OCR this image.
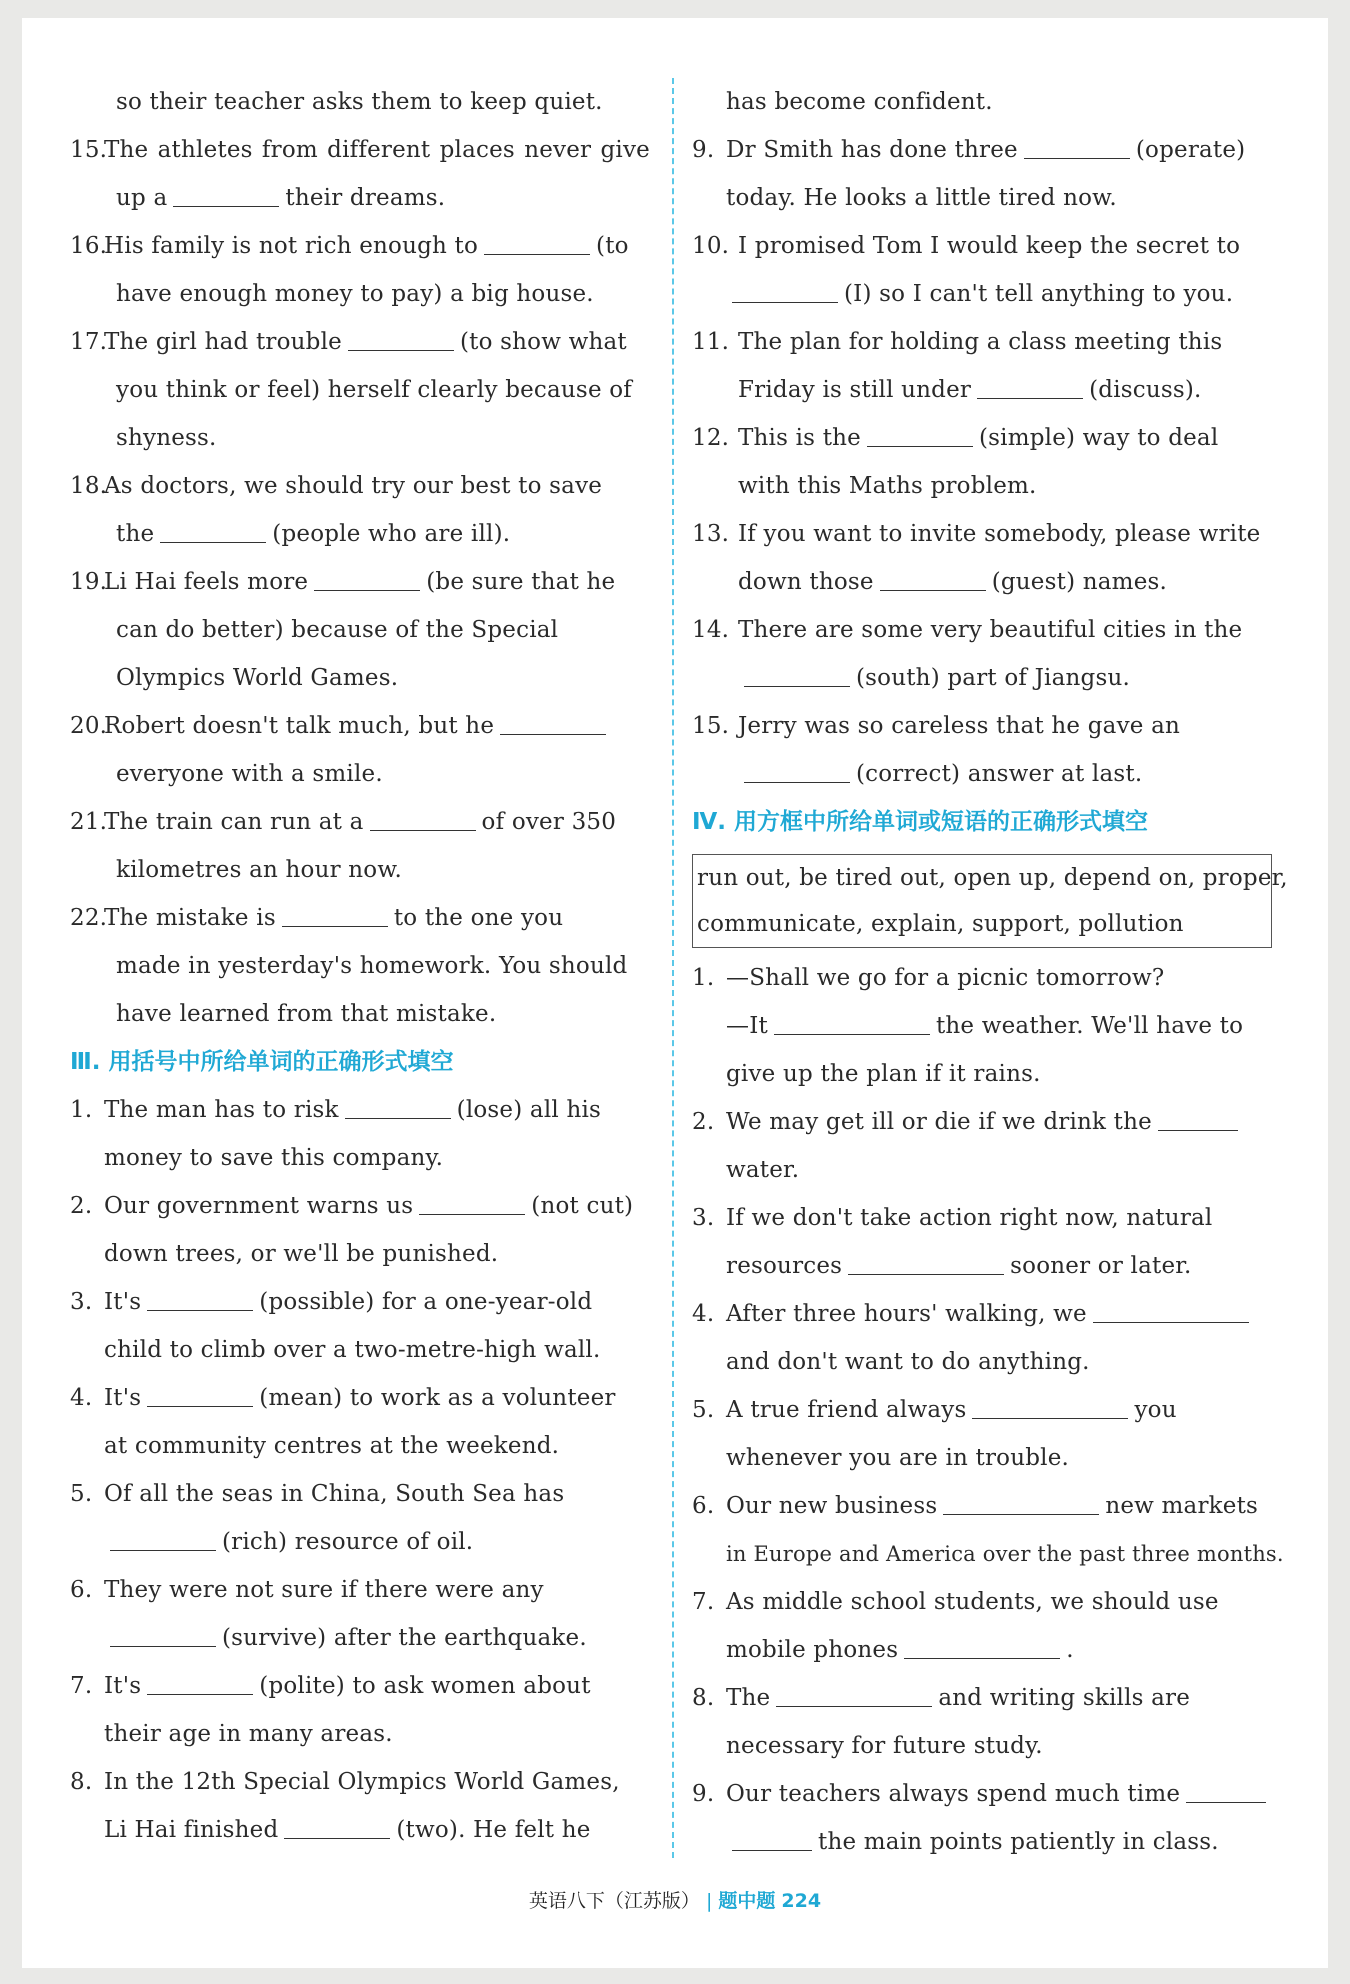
so their teacher asks them to keep quiet.
15.The athletes from different places never give
up a	their dreams.
16.His family is not rich enough to	(to
have enough money to pay) a big house.
17.The girl had trouble	(to show what
you think or feel) herself clearly because of
shyness.
18.As doctors, we should try our best to save
the	(people who are ill).
19.Li Hai feels more	(be sure that he
can do better) because of the Special
Olympics World Games.
20.Robert doesn't talk much, but he
everyone with a smile.
21.The train can run at a	of over 350
kilometres an hour now.
22.The mistake is	to the one you
made in yesterday's homework. You should
have learned from that mistake.
Ⅲ. 用括号中所给单词的正确形式填空
1. The man has to risk	(lose) all his
money to save this company.
2. Our government warns us	(not cut)
down trees, or we'll be punished.
3. It's	(possible) for a one-year-old
child to climb over a two-metre-high wall.
4. It's	(mean) to work as a volunteer
at community centres at the weekend.
5. Of all the seas in China, South Sea has
(rich) resource of oil.
6. They were not sure if there were any
(survive) after the earthquake.
7. It's	(polite) to ask women about
their age in many areas.
8. In the 12th Special Olympics World Games,
Li Hai finished	(two). He felt he
has become confident.
9. Dr Smith has done three	(operate)
today. He looks a little tired now.
10. I promised Tom I would keep the secret to
(I) so I can't tell anything to you.
11. The plan for holding a class meeting this
Friday is still under	(discuss).
12. This is the	(simple) way to deal
with this Maths problem.
13. If you want to invite somebody, please write
down those	(guest) names.
14. There are some very beautiful cities in the
(south) part of Jiangsu.
15. Jerry was so careless that he gave an
(correct) answer at last.
Ⅳ. 用方框中所给单词或短语的正确形式填空
run out, be tired out, open up, depend on, proper,
communicate, explain, support, pollution
1. —Shall we go for a picnic tomorrow?
—It	the weather. We'll have to
give up the plan if it rains.
2. We may get ill or die if we drink the
water.
3. If we don't take action right now, natural
resources	sooner or later.
4. After three hours' walking, we
and don't want to do anything.
5. A true friend always	you
whenever you are in trouble.
6. Our new business	new markets
in Europe and America over the past three months.
7. As middle school students, we should use
mobile phones	.
8. The	and writing skills are
necessary for future study.
9. Our teachers always spend much time
the main points patiently in class.
英语八下（江苏版） | 题中题 224
